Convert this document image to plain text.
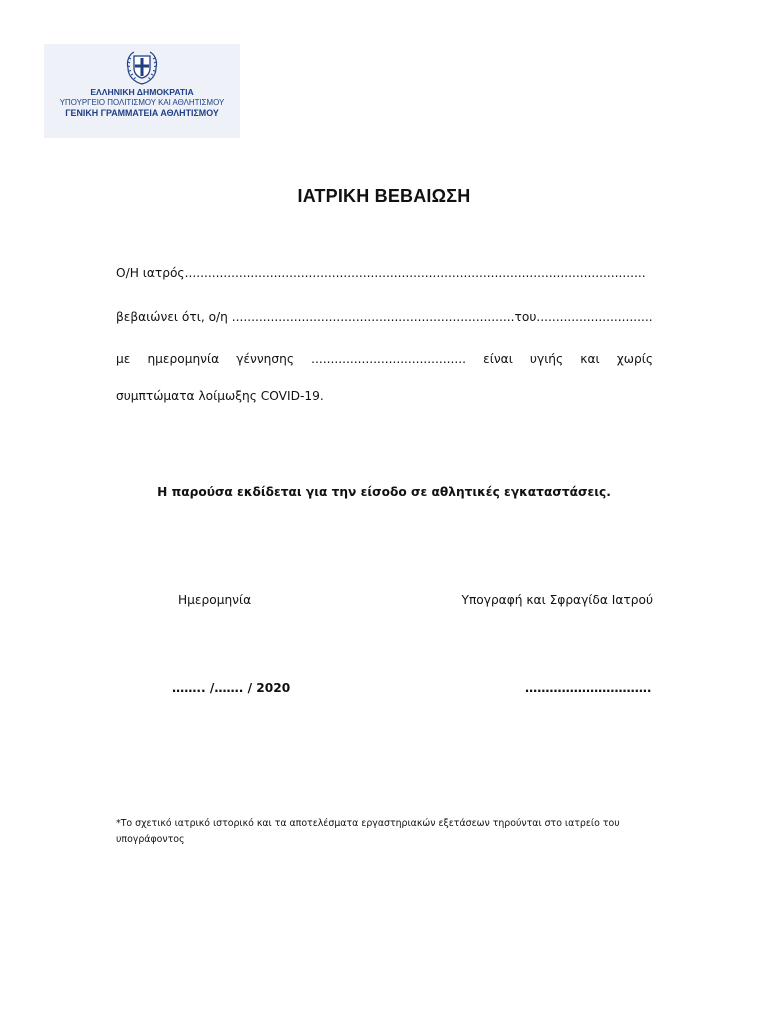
ΕΛΛΗΝΙΚΗ ΔΗΜΟΚΡΑΤΙΑ
ΥΠΟΥΡΓΕΙΟ ΠΟΛΙΤΙΣΜΟΥ ΚΑΙ ΑΘΛΗΤΙΣΜΟΥ
ΓΕΝΙΚΗ ΓΡΑΜΜΑΤΕΙΑ ΑΘΛΗΤΙΣΜΟΥ
ΙΑΤΡΙΚΗ ΒΕΒΑΙΩΣΗ
Ο/Η ιατρός.......................................................................................................................
βεβαιώνει ότι, ο/η .........................................................................του..............................
με ημερομηνία γέννησης ........................................ είναι υγιής και χωρίς
συμπτώματα λοίμωξης COVID-19.
Η παρούσα εκδίδεται για την είσοδο σε αθλητικές εγκαταστάσεις.
Ημερομηνία	Υπογραφή και Σφραγίδα Ιατρού
…….. /……. / 2020	………………………….
*Το σχετικό ιατρικό ιστορικό και τα αποτελέσματα εργαστηριακών εξετάσεων τηρούνται στο ιατρείο του υπογράφοντος
